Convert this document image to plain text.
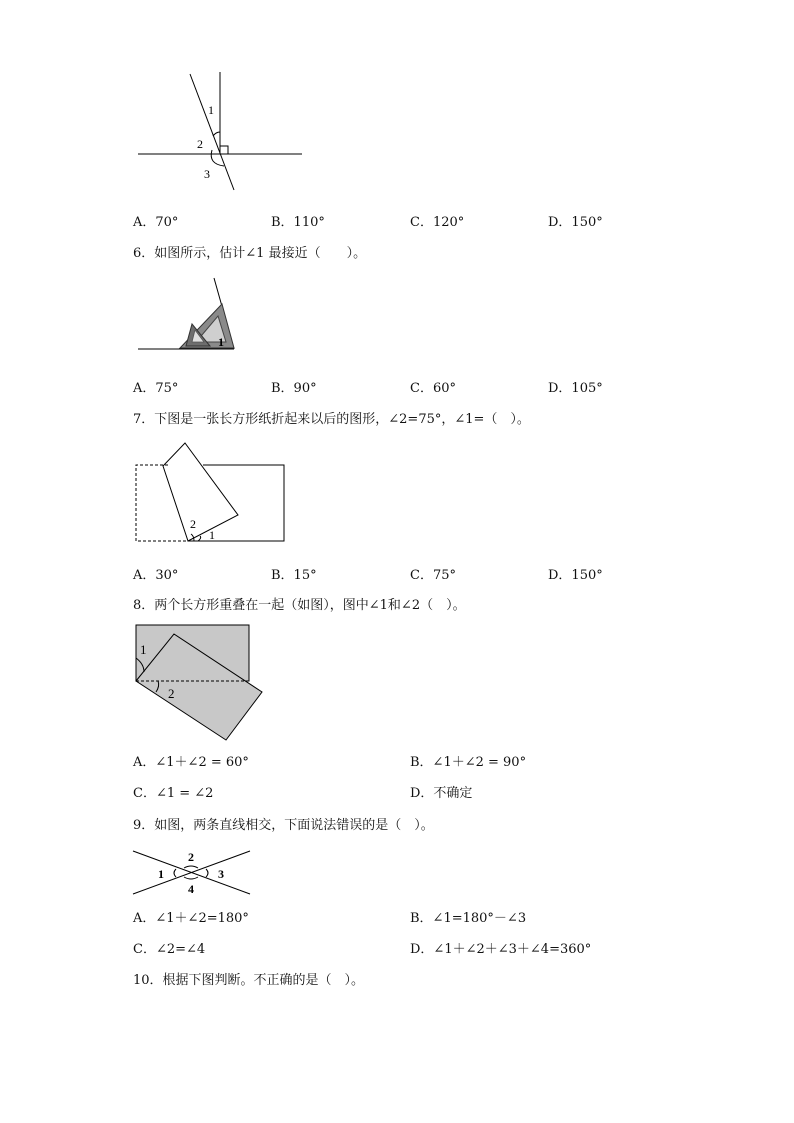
1
2
3
A．70°	B．110°	C．120°	D．150°
6．如图所示，估计∠1 最接近（　　）。
1
A．75°	B．90°	C．60°	D．105°
7．下图是一张长方形纸折起来以后的图形，∠2=75°，∠1=（　）。
2
1
A．30°	B．15°	C．75°	D．150°
8．两个长方形重叠在一起（如图），图中∠1和∠2（　）。
1
2
A．∠1＋∠2 = 60°	B．∠1＋∠2 = 90°
C．∠1 = ∠2	D．不确定
9．如图，两条直线相交，下面说法错误的是（　）。
2
1	3
4
A．∠1＋∠2=180°	B．∠1=180°－∠3
C．∠2=∠4	D．∠1＋∠2＋∠3＋∠4=360°
10．根据下图判断。不正确的是（　）。
